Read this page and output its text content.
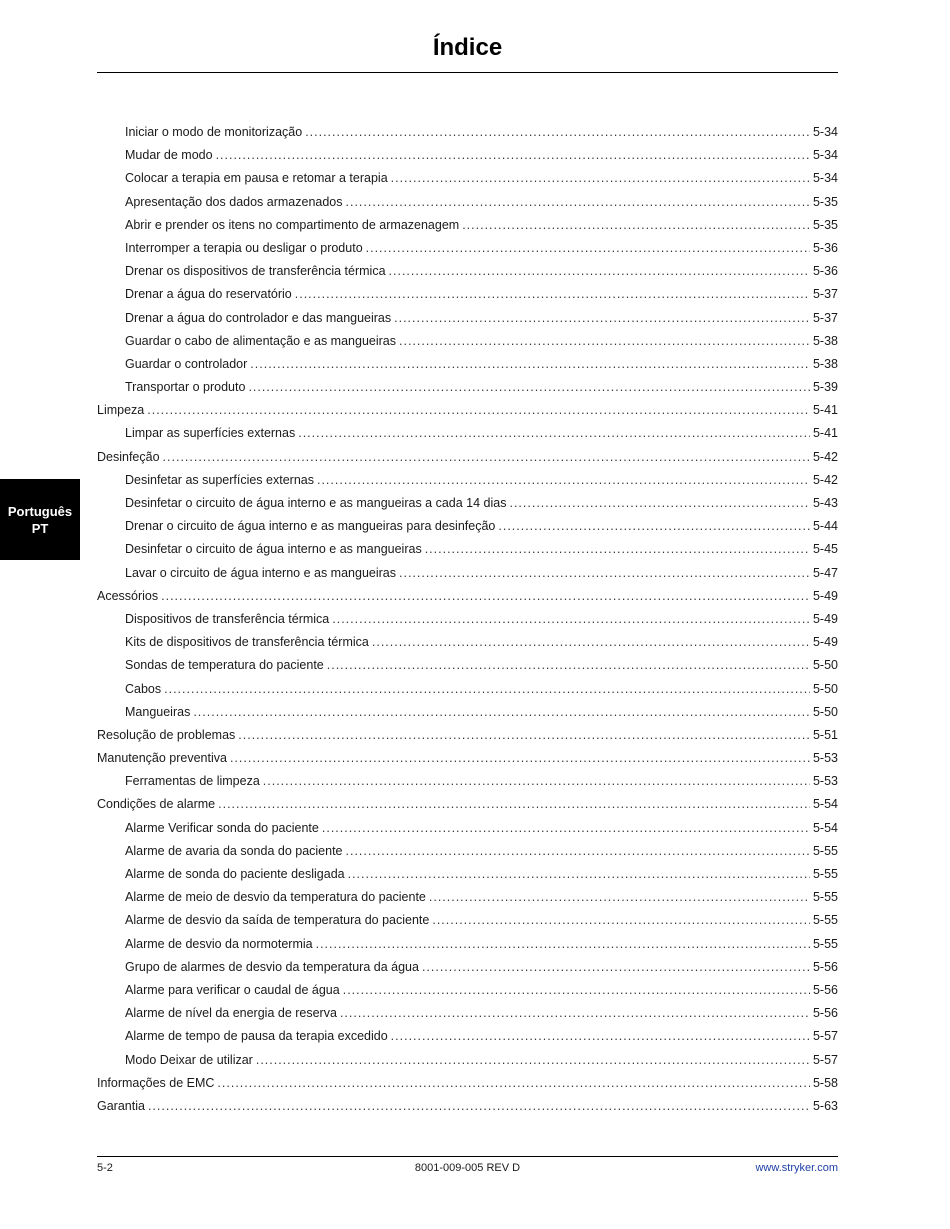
Índice
Iniciar o modo de monitorização .....	5-34
Mudar de modo .....	5-34
Colocar a terapia em pausa e retomar a terapia .....	5-34
Apresentação dos dados armazenados .....	5-35
Abrir e prender os itens no compartimento de armazenagem .....	5-35
Interromper a terapia ou desligar o produto .....	5-36
Drenar os dispositivos de transferência térmica .....	5-36
Drenar a água do reservatório .....	5-37
Drenar a água do controlador e das mangueiras .....	5-37
Guardar o cabo de alimentação e as mangueiras .....	5-38
Guardar o controlador .....	5-38
Transportar o produto .....	5-39
Limpeza .....	5-41
Limpar as superfícies externas .....	5-41
Desinfeção .....	5-42
Desinfetar as superfícies externas .....	5-42
Desinfetar o circuito de água interno e as mangueiras a cada 14 dias .....	5-43
Drenar o circuito de água interno e as mangueiras para desinfeção .....	5-44
Desinfetar o circuito de água interno e as mangueiras .....	5-45
Lavar o circuito de água interno e as mangueiras .....	5-47
Acessórios .....	5-49
Dispositivos de transferência térmica .....	5-49
Kits de dispositivos de transferência térmica .....	5-49
Sondas de temperatura do paciente .....	5-50
Cabos .....	5-50
Mangueiras .....	5-50
Resolução de problemas .....	5-51
Manutenção preventiva .....	5-53
Ferramentas de limpeza .....	5-53
Condições de alarme .....	5-54
Alarme Verificar sonda do paciente .....	5-54
Alarme de avaria da sonda do paciente .....	5-55
Alarme de sonda do paciente desligada .....	5-55
Alarme de meio de desvio da temperatura do paciente .....	5-55
Alarme de desvio da saída de temperatura do paciente .....	5-55
Alarme de desvio da normotermia .....	5-55
Grupo de alarmes de desvio da temperatura da água .....	5-56
Alarme para verificar o caudal de água .....	5-56
Alarme de nível da energia de reserva .....	5-56
Alarme de tempo de pausa da terapia excedido .....	5-57
Modo Deixar de utilizar .....	5-57
Informações de EMC .....	5-58
Garantia .....	5-63
Português
PT
5-2	8001-009-005 REV D	www.stryker.com
